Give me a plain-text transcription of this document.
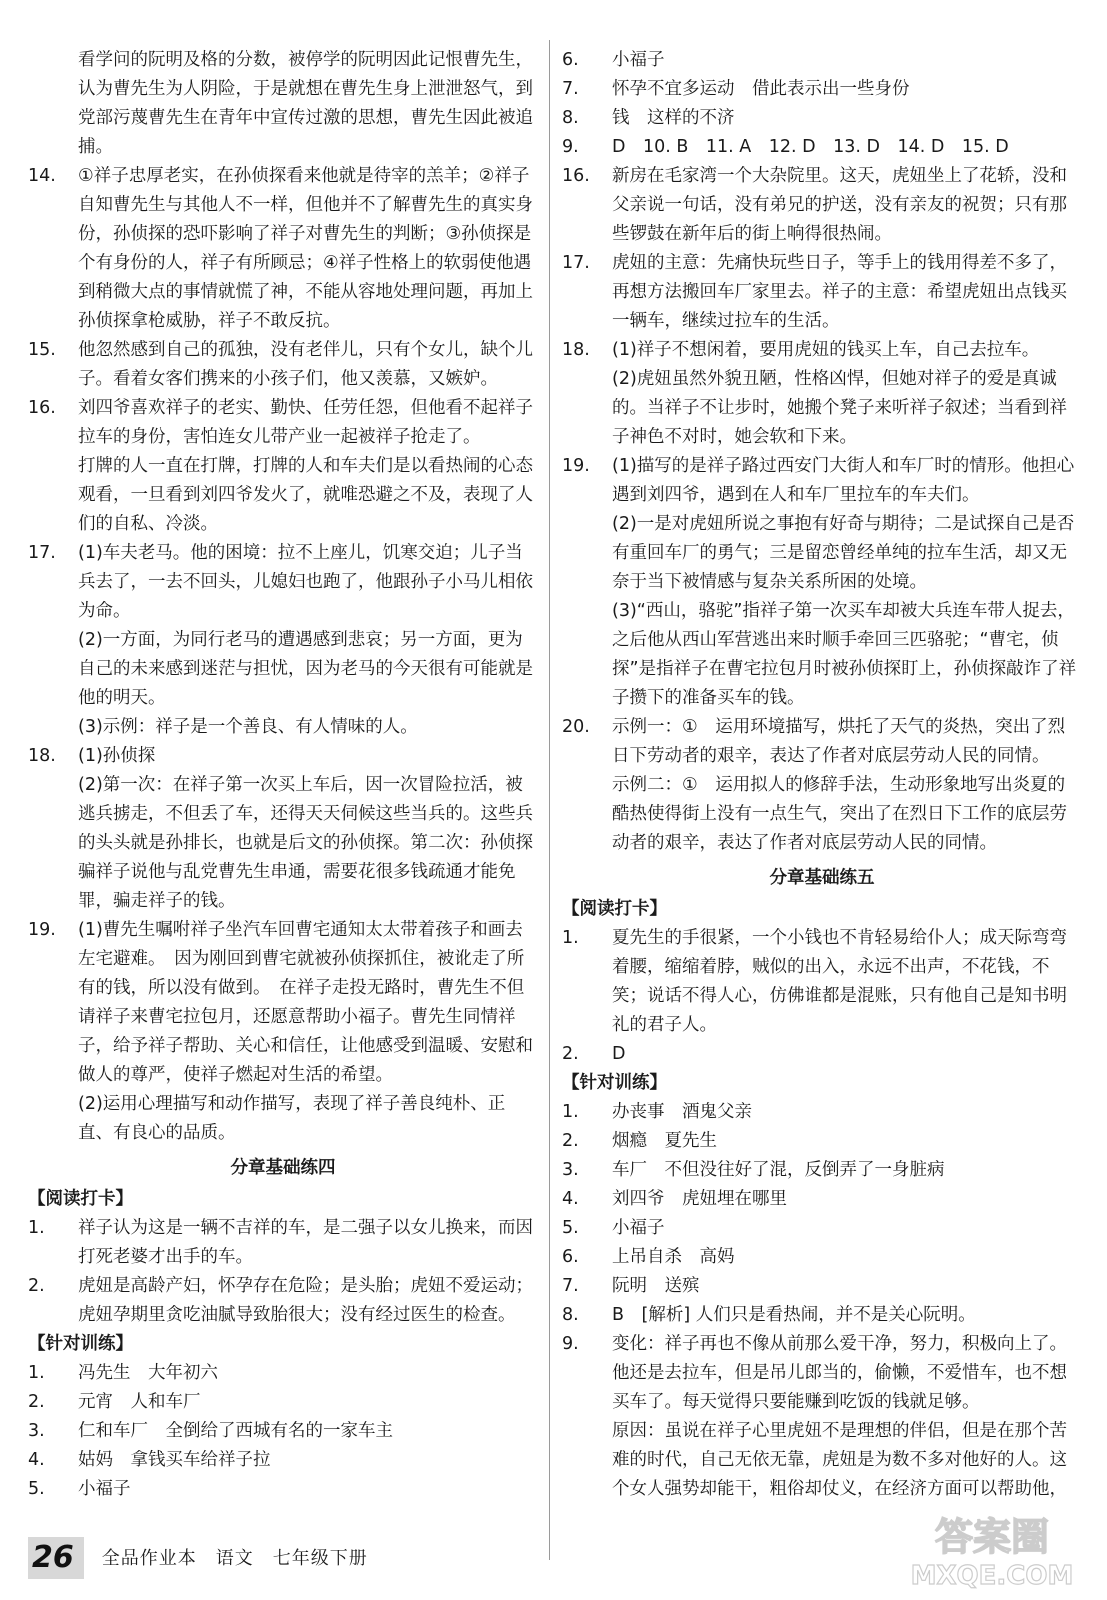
看学问的阮明及格的分数，被停学的阮明因此记恨曹先生，认为曹先生为人阴险，于是就想在曹先生身上泄泄怒气，到党部污蔑曹先生在青年中宣传过激的思想，曹先生因此被追捕。

14.	①祥子忠厚老实，在孙侦探看来他就是待宰的羔羊；②祥子自知曹先生与其他人不一样，但他并不了解曹先生的真实身份，孙侦探的恐吓影响了祥子对曹先生的判断；③孙侦探是个有身份的人，祥子有所顾忌；④祥子性格上的软弱使他遇到稍微大点的事情就慌了神，不能从容地处理问题，再加上孙侦探拿枪威胁，祥子不敢反抗。
15.	他忽然感到自己的孤独，没有老伴儿，只有个女儿，缺个儿子。看着女客们携来的小孩子们，他又羡慕，又嫉妒。
16.	刘四爷喜欢祥子的老实、勤快、任劳任怨，但他看不起祥子拉车的身份，害怕连女儿带产业一起被祥子抢走了。

打牌的人一直在打牌，打牌的人和车夫们是以看热闹的心态观看，一旦看到刘四爷发火了，就唯恐避之不及，表现了人们的自私、冷淡。

17.	(1)车夫老马。他的困境：拉不上座儿，饥寒交迫；儿子当兵去了，一去不回头，儿媳妇也跑了，他跟孙子小马儿相依为命。

(2)一方面，为同行老马的遭遇感到悲哀；另一方面，更为自己的未来感到迷茫与担忧，因为老马的今天很有可能就是他的明天。

(3)示例：祥子是一个善良、有人情味的人。

18.	(1)孙侦探

(2)第一次：在祥子第一次买上车后，因一次冒险拉活，被逃兵掳走，不但丢了车，还得天天伺候这些当兵的。这些兵的头头就是孙排长，也就是后文的孙侦探。第二次：孙侦探骗祥子说他与乱党曹先生串通，需要花很多钱疏通才能免罪，骗走祥子的钱。

19.	(1)曹先生嘱咐祥子坐汽车回曹宅通知太太带着孩子和画去左宅避难。　因为刚回到曹宅就被孙侦探抓住，被讹走了所有的钱，所以没有做到。　在祥子走投无路时，曹先生不但请祥子来曹宅拉包月，还愿意帮助小福子。曹先生同情祥子，给予祥子帮助、关心和信任，让他感受到温暖、安慰和做人的尊严，使祥子燃起对生活的希望。

(2)运用心理描写和动作描写，表现了祥子善良纯朴、正直、有良心的品质。

分章基础练四

【阅读打卡】

1.	祥子认为这是一辆不吉祥的车，是二强子以女儿换来，而因打死老婆才出手的车。
2.	虎妞是高龄产妇，怀孕存在危险；是头胎；虎妞不爱运动；虎妞孕期里贪吃油腻导致胎很大；没有经过医生的检查。

【针对训练】

1.	冯先生　大年初六
2.	元宵　人和车厂
3.	仁和车厂　全倒给了西城有名的一家车主
4.	姑妈　拿钱买车给祥子拉
5.	小福子
6.	小福子
7.	怀孕不宜多运动　借此表示出一些身份
8.	钱　这样的不济
9.	D　10. B　11. A　12. D　13. D　14. D　15. D
16.	新房在毛家湾一个大杂院里。这天，虎妞坐上了花轿，没和父亲说一句话，没有弟兄的护送，没有亲友的祝贺；只有那些锣鼓在新年后的街上响得很热闹。
17.	虎妞的主意：先痛快玩些日子，等手上的钱用得差不多了，再想方法搬回车厂家里去。祥子的主意：希望虎妞出点钱买一辆车，继续过拉车的生活。
18.	(1)祥子不想闲着，要用虎妞的钱买上车，自己去拉车。

(2)虎妞虽然外貌丑陋，性格凶悍，但她对祥子的爱是真诚的。当祥子不让步时，她搬个凳子来听祥子叙述；当看到祥子神色不对时，她会软和下来。

19.	(1)描写的是祥子路过西安门大街人和车厂时的情形。他担心遇到刘四爷，遇到在人和车厂里拉车的车夫们。

(2)一是对虎妞所说之事抱有好奇与期待；二是试探自己是否有重回车厂的勇气；三是留恋曾经单纯的拉车生活，却又无奈于当下被情感与复杂关系所困的处境。

(3)“西山，骆驼”指祥子第一次买车却被大兵连车带人捉去，之后他从西山军营逃出来时顺手牵回三匹骆驼；“曹宅，侦探”是指祥子在曹宅拉包月时被孙侦探盯上，孙侦探敲诈了祥子攒下的准备买车的钱。

20.	示例一：①　运用环境描写，烘托了天气的炎热，突出了烈日下劳动者的艰辛，表达了作者对底层劳动人民的同情。

示例二：①　运用拟人的修辞手法，生动形象地写出炎夏的酷热使得街上没有一点生气，突出了在烈日下工作的底层劳动者的艰辛，表达了作者对底层劳动人民的同情。

分章基础练五

【阅读打卡】

1.	夏先生的手很紧，一个小钱也不肯轻易给仆人；成天际弯弯着腰，缩缩着脖，贼似的出入，永远不出声，不花钱，不笑；说话不得人心，仿佛谁都是混账，只有他自己是知书明礼的君子人。
2.	D

【针对训练】

1.	办丧事　酒鬼父亲
2.	烟瘾　夏先生
3.	车厂　不但没往好了混，反倒弄了一身脏病
4.	刘四爷　虎妞埋在哪里
5.	小福子
6.	上吊自杀　高妈
7.	阮明　送殡
8.	B　[解析] 人们只是看热闹，并不是关心阮明。
9.	变化：祥子再也不像从前那么爱干净，努力，积极向上了。他还是去拉车，但是吊儿郎当的，偷懒，不爱惜车，也不想买车了。每天觉得只要能赚到吃饭的钱就足够。

原因：虽说在祥子心里虎妞不是理想的伴侣，但是在那个苦难的时代，自己无依无靠，虎妞是为数不多对他好的人。这个女人强势却能干，粗俗却仗义，在经济方面可以帮助他，

26	全品作业本　语文　七年级下册	答案圈
MXQE.COM
